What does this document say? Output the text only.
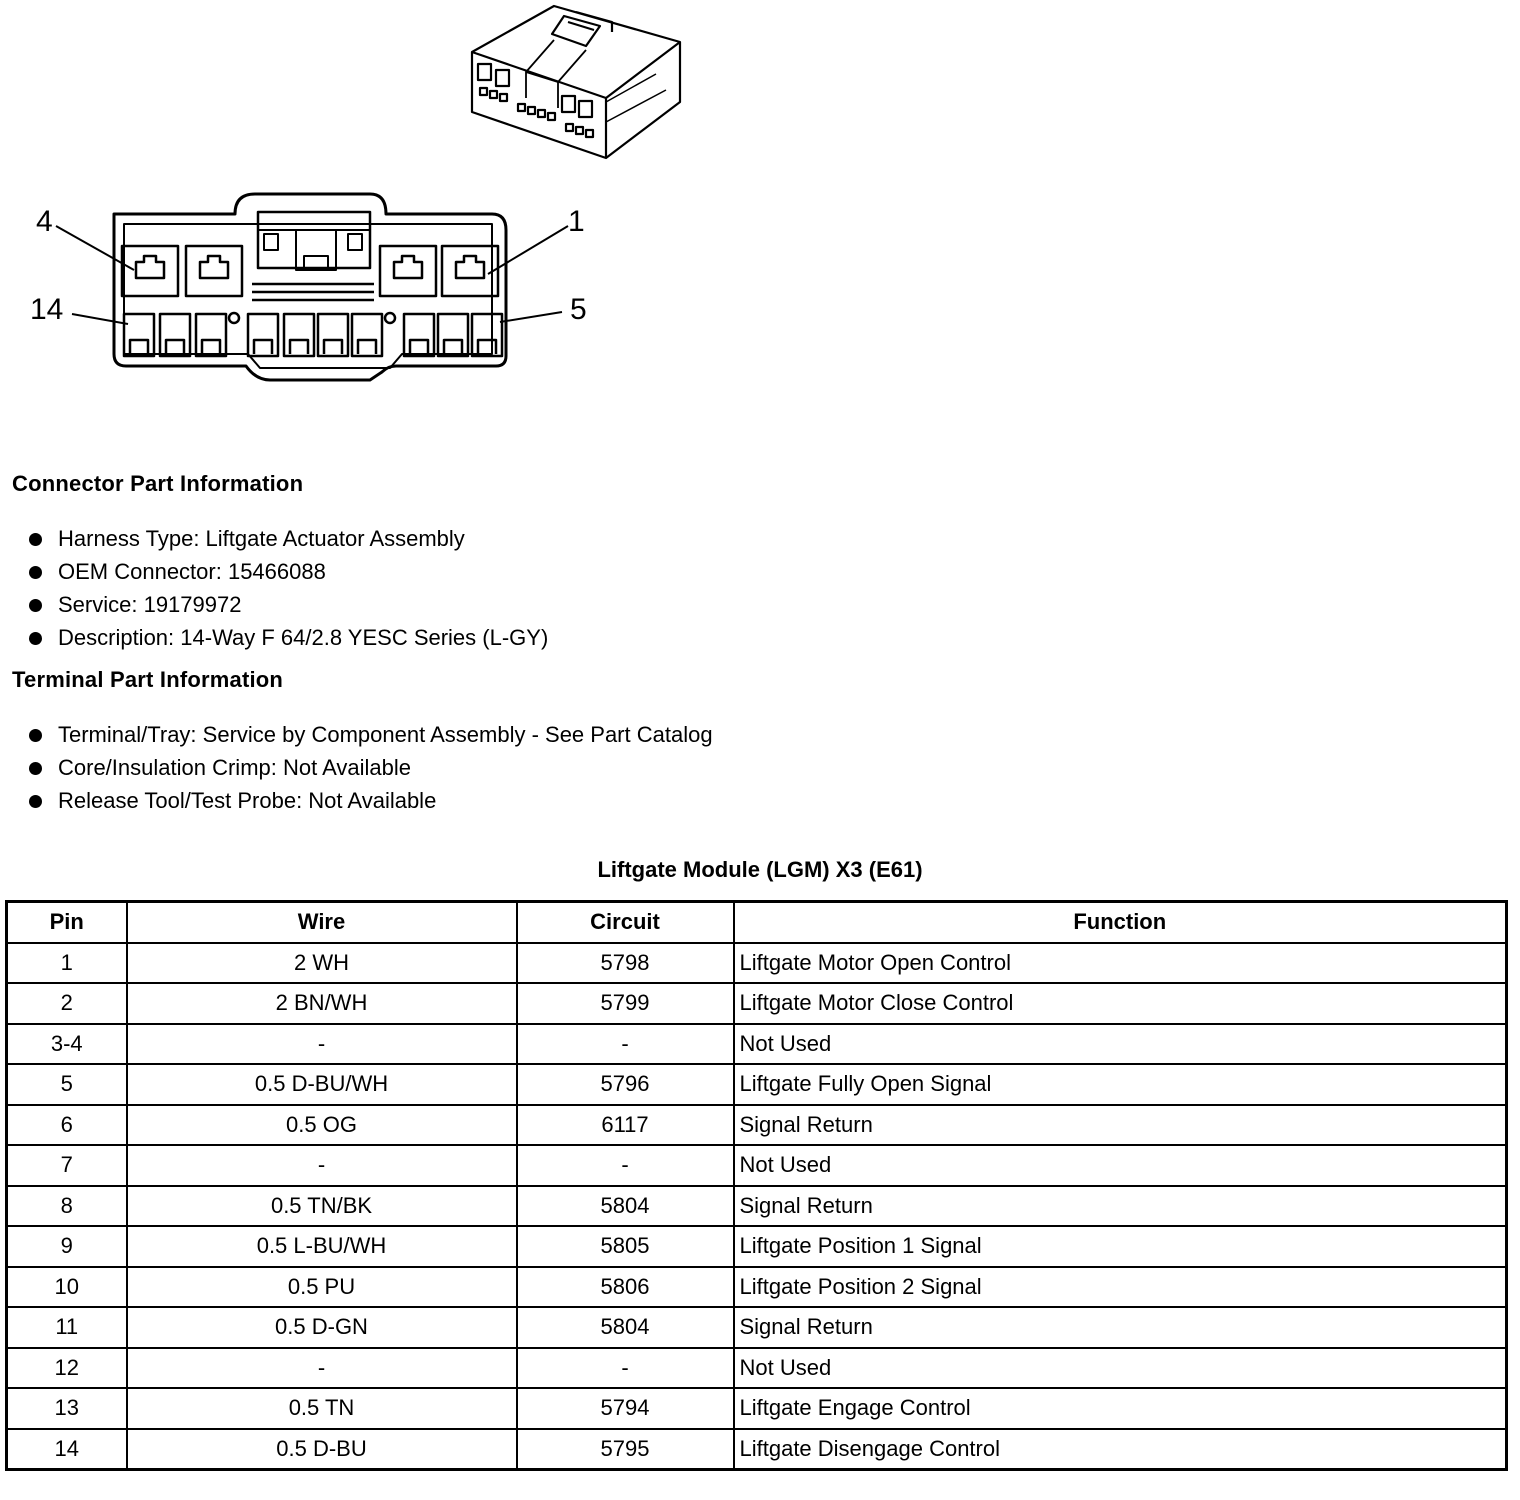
4	1
14	5
Connector Part Information
Harness Type: Liftgate Actuator Assembly
OEM Connector: 15466088
Service: 19179972
Description: 14-Way F 64/2.8 YESC Series (L-GY)
Terminal Part Information
Terminal/Tray: Service by Component Assembly - See Part Catalog
Core/Insulation Crimp: Not Available
Release Tool/Test Probe: Not Available
Liftgate Module (LGM) X3 (E61)
Pin	Wire	Circuit	Function
1	2 WH	5798	Liftgate Motor Open Control
2	2 BN/WH	5799	Liftgate Motor Close Control
3-4	-	-	Not Used
5	0.5 D-BU/WH	5796	Liftgate Fully Open Signal
6	0.5 OG	6117	Signal Return
7	-	-	Not Used
8	0.5 TN/BK	5804	Signal Return
9	0.5 L-BU/WH	5805	Liftgate Position 1 Signal
10	0.5 PU	5806	Liftgate Position 2 Signal
11	0.5 D-GN	5804	Signal Return
12	-	-	Not Used
13	0.5 TN	5794	Liftgate Engage Control
14	0.5 D-BU	5795	Liftgate Disengage Control
